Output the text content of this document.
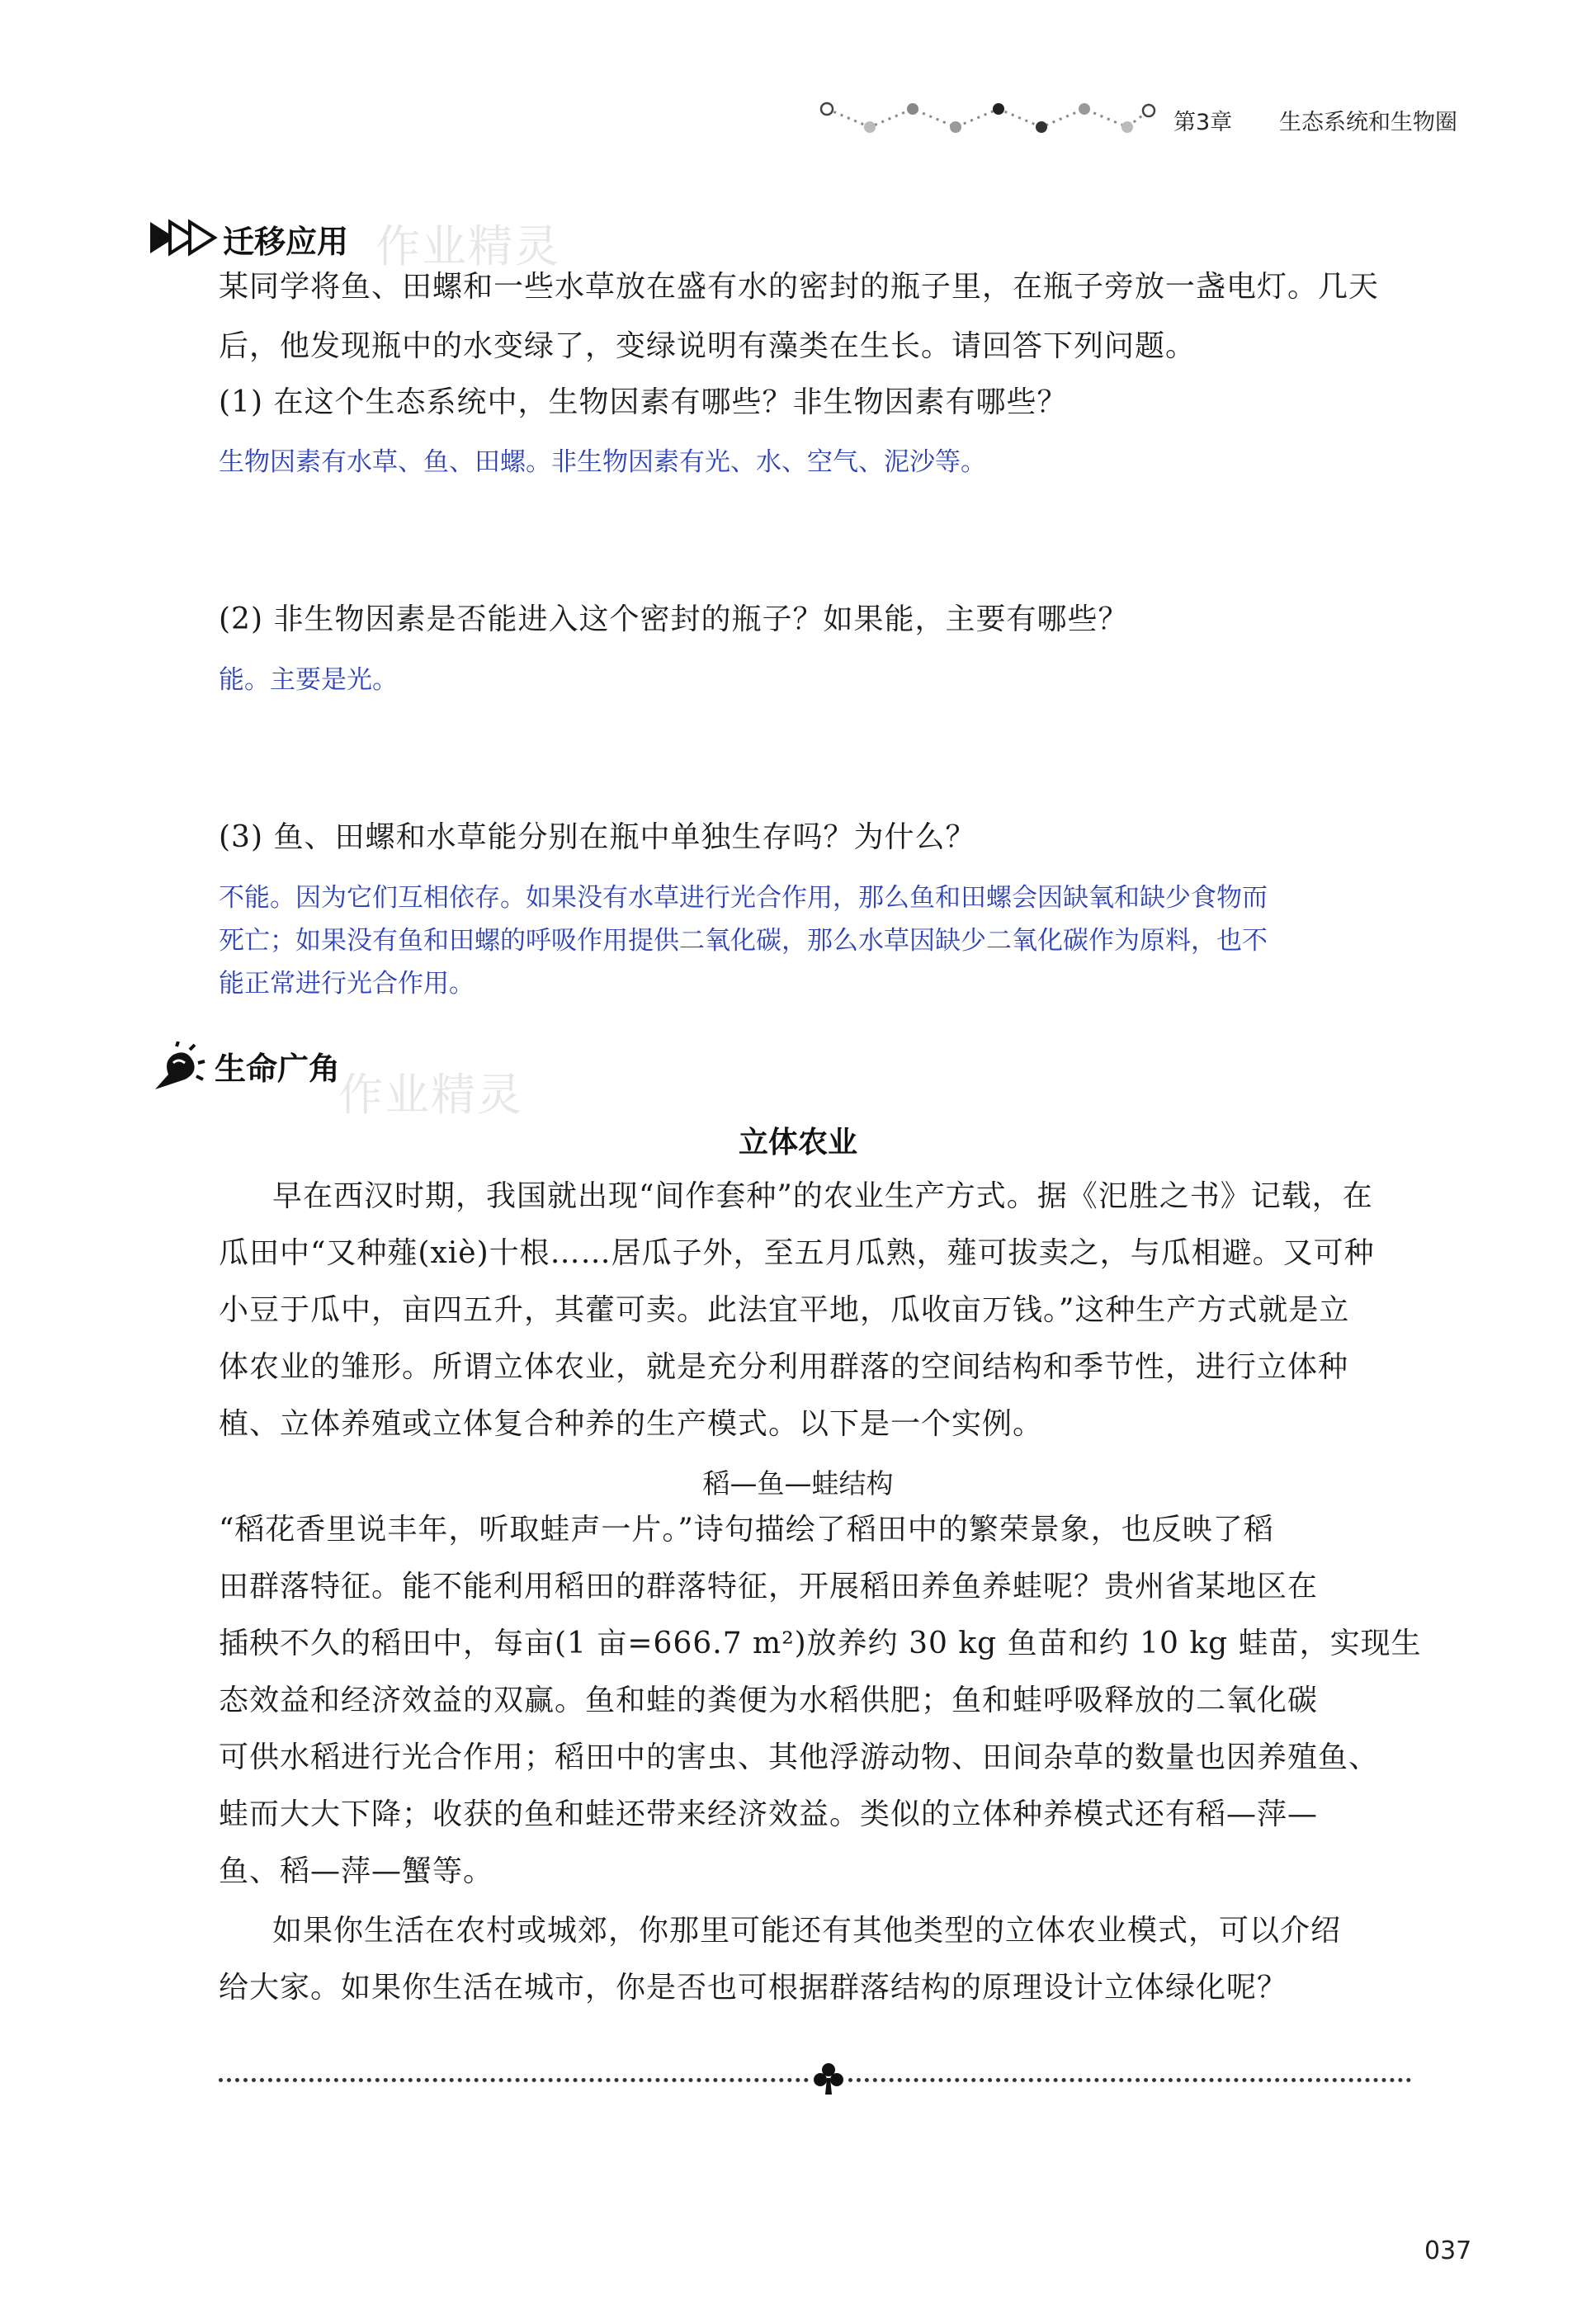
第3章 生态系统和生物圈
迁移应用 作业精灵
某同学将鱼、田螺和一些水草放在盛有水的密封的瓶子里，在瓶子旁放一盏电灯。几天
后，他发现瓶中的水变绿了，变绿说明有藻类在生长。请回答下列问题。
(1) 在这个生态系统中，生物因素有哪些？非生物因素有哪些？
生物因素有水草、鱼、田螺。非生物因素有光、水、空气、泥沙等。
(2) 非生物因素是否能进入这个密封的瓶子？如果能，主要有哪些？
能。主要是光。
(3) 鱼、田螺和水草能分别在瓶中单独生存吗？为什么？
不能。因为它们互相依存。如果没有水草进行光合作用，那么鱼和田螺会因缺氧和缺少食物而
死亡；如果没有鱼和田螺的呼吸作用提供二氧化碳，那么水草因缺少二氧化碳作为原料，也不
能正常进行光合作用。
生命广角
作业精灵
立体农业
早在西汉时期，我国就出现“间作套种”的农业生产方式。据《汜胜之书》记载，在
瓜田中“又种薤(xiè)十根……居瓜子外，至五月瓜熟，薤可拔卖之，与瓜相避。又可种
小豆于瓜中，亩四五升，其藿可卖。此法宜平地，瓜收亩万钱。”这种生产方式就是立
体农业的雏形。所谓立体农业，就是充分利用群落的空间结构和季节性，进行立体种
植、立体养殖或立体复合种养的生产模式。以下是一个实例。
稻—鱼—蛙结构
“稻花香里说丰年，听取蛙声一片。”诗句描绘了稻田中的繁荣景象，也反映了稻
田群落特征。能不能利用稻田的群落特征，开展稻田养鱼养蛙呢？贵州省某地区在
插秧不久的稻田中，每亩(1 亩=666.7 m²)放养约 30 kg 鱼苗和约 10 kg 蛙苗，实现生
态效益和经济效益的双赢。鱼和蛙的粪便为水稻供肥；鱼和蛙呼吸释放的二氧化碳
可供水稻进行光合作用；稻田中的害虫、其他浮游动物、田间杂草的数量也因养殖鱼、
蛙而大大下降；收获的鱼和蛙还带来经济效益。类似的立体种养模式还有稻—萍—
鱼、稻—萍—蟹等。
如果你生活在农村或城郊，你那里可能还有其他类型的立体农业模式，可以介绍
给大家。如果你生活在城市，你是否也可根据群落结构的原理设计立体绿化呢？
037
